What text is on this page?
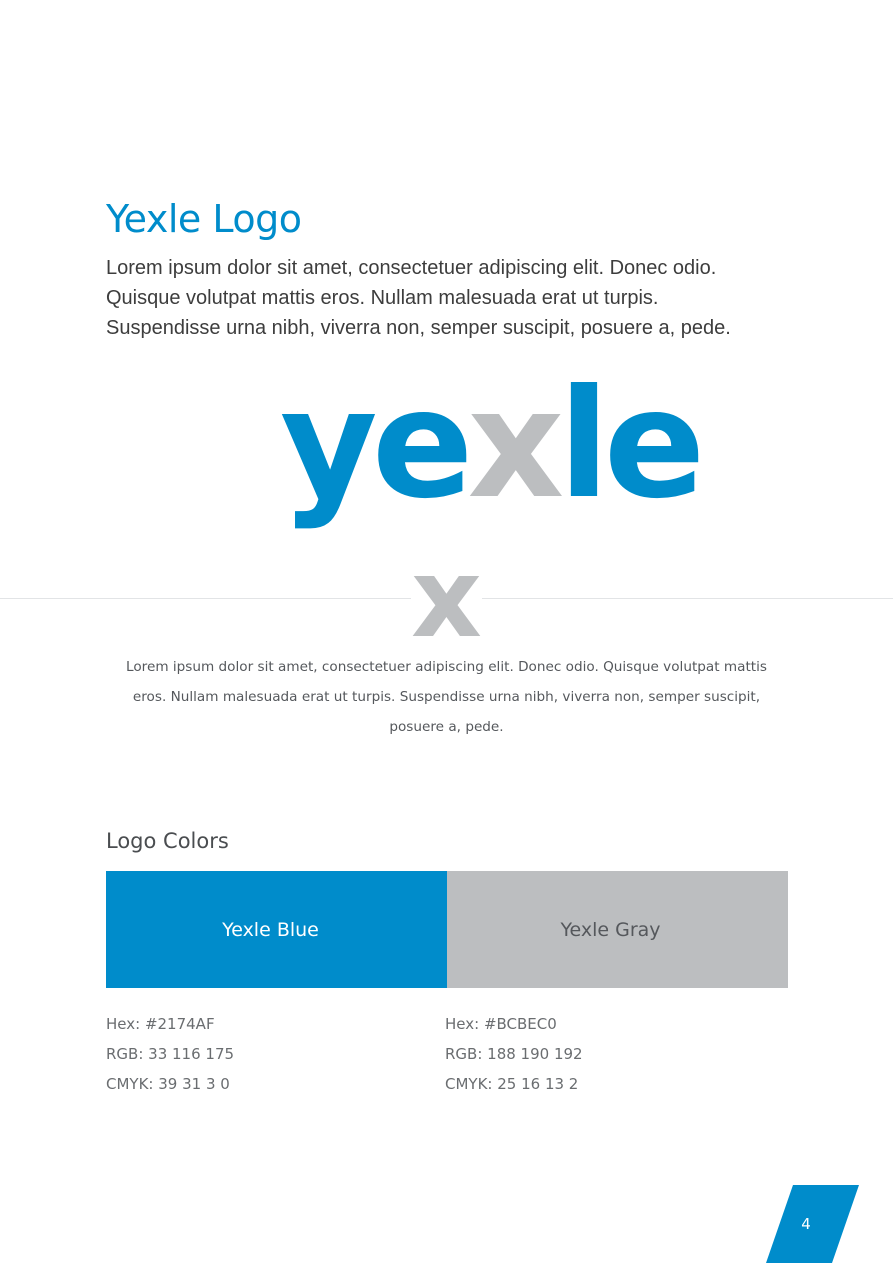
Yexle Logo

Lorem ipsum dolor sit amet, consectetuer adipiscing elit. Donec odio.
Quisque volutpat mattis eros. Nullam malesuada erat ut turpis.
Suspendisse urna nibh, viverra non, semper suscipit, posuere a, pede.

yexle
x

Lorem ipsum dolor sit amet, consectetuer adipiscing elit. Donec odio. Quisque volutpat mattis
eros. Nullam malesuada erat ut turpis. Suspendisse urna nibh, viverra non, semper suscipit,
posuere a, pede.

Logo Colors
Yexle Blue	Yexle Gray

Hex: #2174AF
RGB: 33 116 175
CMYK: 39 31 3 0

Hex: #BCBEC0
RGB: 188 190 192
CMYK: 25 16 13 2

4
